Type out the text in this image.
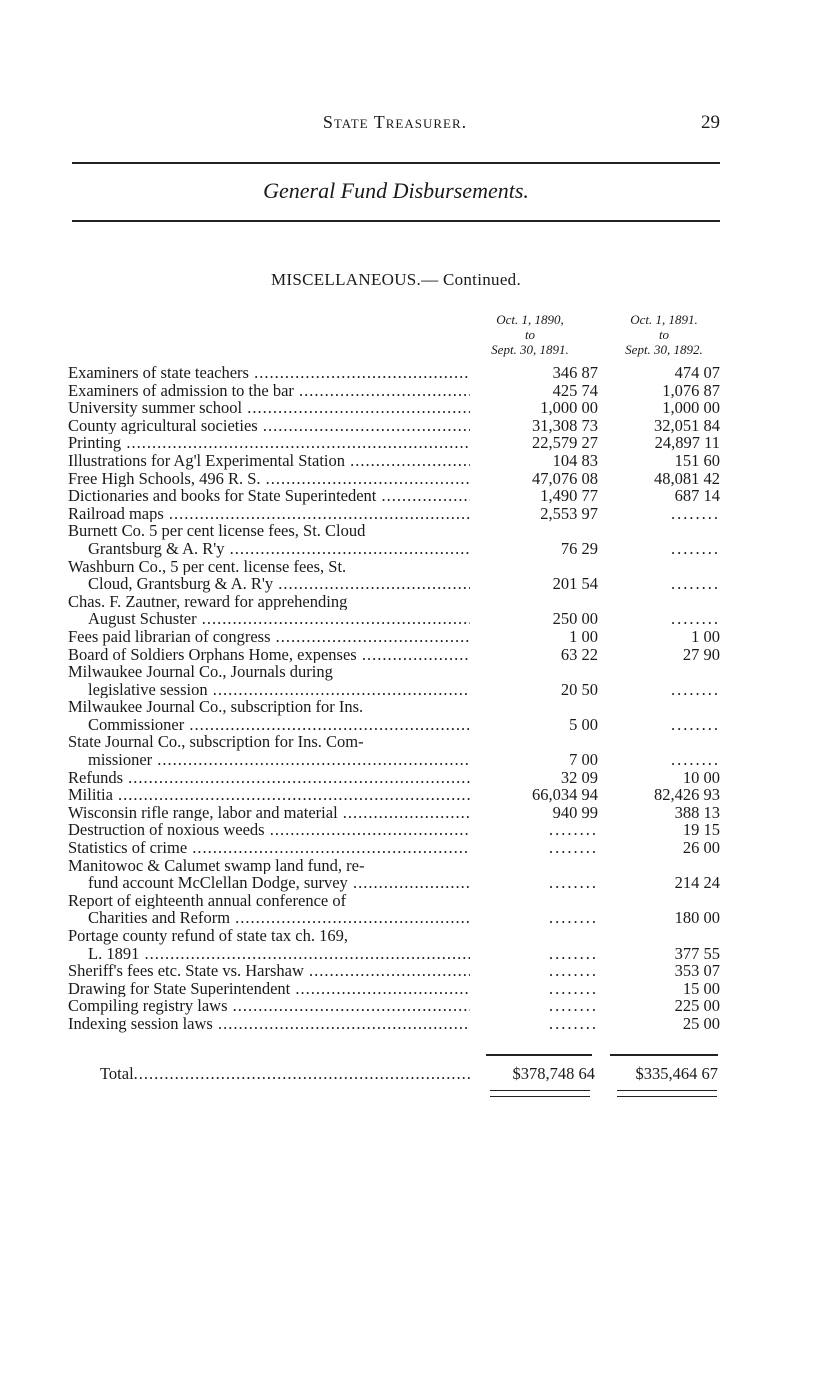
State Treasurer.	29
General Fund Disbursements.
MISCELLANEOUS.— Continued.
Oct. 1, 1890,
to
Sept. 30, 1891.
Oct. 1, 1891.
to
Sept. 30, 1892.
Examiners of state teachers .....	346 87	474 07
Examiners of admission to the bar .....	425 74	1,076 87
University summer school .....	1,000 00	1,000 00
County agricultural societies .....	31,308 73	32,051 84
Printing .....	22,579 27	24,897 11
Illustrations for Ag'l Experimental Station .....	104 83	151 60
Free High Schools, 496 R. S. .....	47,076 08	48,081 42
Dictionaries and books for State Superintedent .....	1,490 77	687 14
Railroad maps .....	2,553 97	........
Burnett Co. 5 per cent license fees, St. Cloud
Grantsburg & A. R'y .....	76 29	........
Washburn Co., 5 per cent. license fees, St.
Cloud, Grantsburg & A. R'y .....	201 54	........
Chas. F. Zautner, reward for apprehending
August Schuster .....	250 00	........
Fees paid librarian of congress .....	1 00	1 00
Board of Soldiers Orphans Home, expenses .....	63 22	27 90
Milwaukee Journal Co., Journals during
legislative session .....	20 50	........
Milwaukee Journal Co., subscription for Ins.
Commissioner .....	5 00	........
State Journal Co., subscription for Ins. Com-
missioner .....	7 00	........
Refunds .....	32 09	10 00
Militia .....	66,034 94	82,426 93
Wisconsin rifle range, labor and material .....	940 99	388 13
Destruction of noxious weeds .....	........	19 15
Statistics of crime .....	........	26 00
Manitowoc & Calumet swamp land fund, re-
fund account McClellan Dodge, survey .....	........	214 24
Report of eighteenth annual conference of
Charities and Reform .....	........	180 00
Portage county refund of state tax ch. 169,
L. 1891 .....	........	377 55
Sheriff's fees etc. State vs. Harshaw .....	........	353 07
Drawing for State Superintendent .....	........	15 00
Compiling registry laws .....	........	225 00
Indexing session laws .....	........	25 00
Total .....	$378,748 64	$335,464 67
